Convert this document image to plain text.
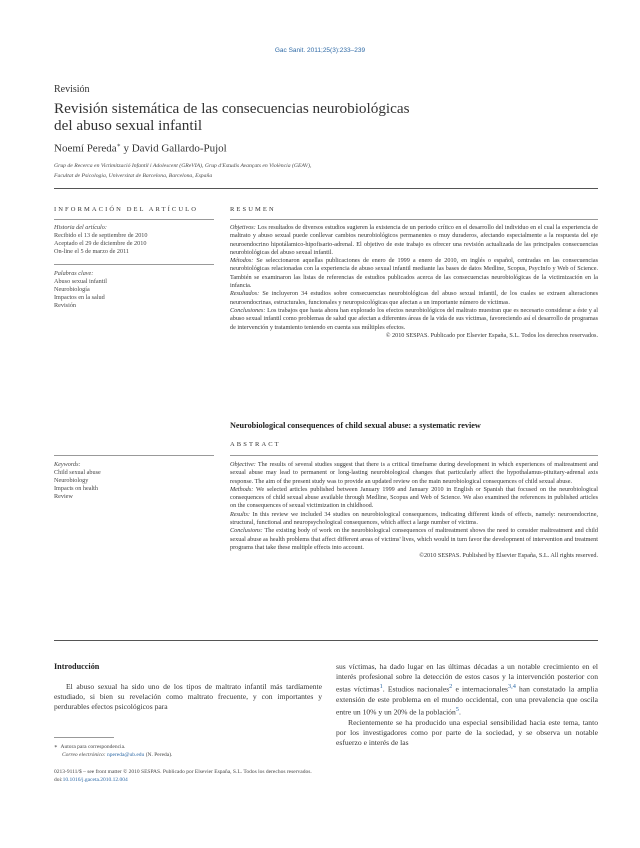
Gac Sanit. 2011;25(3):233–239
Revisión
Revisión sistemática de las consecuencias neurobiológicas
del abuso sexual infantil
Noemí Pereda∗ y David Gallardo-Pujol
Grup de Recerca en Victimització Infantil i Adolescent (GReVIA), Grup d'Estudis Avançats en Violència (GEAV),
Facultat de Psicologia, Universitat de Barcelona, Barcelona, España
INFORMACIÓN DEL ARTÍCULO

Historia del artículo:

Recibido el 13 de septiembre de 2010

Aceptado el 29 de diciembre de 2010

On-line el 5 de marzo de 2011

Palabras clave:

Abuso sexual infantil

Neurobiología

Impactos en la salud

Revisión

RESUMEN

Objetivos: Los resultados de diversos estudios sugieren la existencia de un periodo crítico en el desarrollo del individuo en el cual la experiencia de maltrato y abuso sexual puede conllevar cambios neurobiológicos permanentes o muy duraderos, afectando especialmente a la respuesta del eje neuroendocrino hipotálamico-hipofisario-adrenal. El objetivo de este trabajo es ofrecer una revisión actualizada de las principales consecuencias neurobiológicas del abuso sexual infantil.

Métodos: Se seleccionaron aquellas publicaciones de enero de 1999 a enero de 2010, en inglés o español, centradas en las consecuencias neurobiológicas relacionadas con la experiencia de abuso sexual infantil mediante las bases de datos Medline, Scopus, PsycInfo y Web of Science. También se examinaron las listas de referencias de estudios publicados acerca de las consecuencias neurobiológicas de la victimización en la infancia.

Resultados: Se incluyeron 34 estudios sobre consecuencias neurobiológicas del abuso sexual infantil, de los cuales se extraen alteraciones neuroendocrinas, estructurales, funcionales y neuropsicológicas que afectan a un importante número de víctimas.

Conclusiones: Los trabajos que hasta ahora han explorado los efectos neurobiológicos del maltrato muestran que es necesario considerar a éste y al abuso sexual infantil como problemas de salud que afectan a diferentes áreas de la vida de sus víctimas, favoreciendo así el desarrollo de programas de intervención y tratamiento teniendo en cuenta sus múltiples efectos.

© 2010 SESPAS. Publicado por Elsevier España, S.L. Todos los derechos reservados.

Neurobiological consequences of child sexual abuse: a systematic review
ABSTRACT

Keywords:

Child sexual abuse

Neurobiology

Impacts on health

Review

Objective: The results of several studies suggest that there is a critical timeframe during development in which experiences of maltreatment and sexual abuse may lead to permanent or long-lasting neurobiological changes that particularly affect the hypothalamus-pituitary-adrenal axis response. The aim of the present study was to provide an updated review on the main neurobiological consequences of child sexual abuse.

Methods: We selected articles published between January 1999 and January 2010 in English or Spanish that focused on the neurobiological consequences of child sexual abuse available through Medline, Scopus and Web of Science. We also examined the references in published articles on the consequences of sexual victimization in childhood.

Results: In this review we included 34 studies on neurobiological consequences, indicating different kinds of effects, namely: neuroendocrine, structural, functional and neuropsychological consequences, which affect a large number of victims.

Conclusions: The existing body of work on the neurobiological consequences of maltreatment shows the need to consider maltreatment and child sexual abuse as health problems that affect different areas of victims' lives, which would in turn favor the development of intervention and treatment programs that take these multiple effects into account.

©2010 SESPAS. Published by Elsevier España, S.L. All rights reserved.

Introducción

El abuso sexual ha sido uno de los tipos de maltrato infantil más tardíamente estudiado, si bien su revelación como maltrato frecuente, y con importantes y perdurables efectos psicológicos para

sus víctimas, ha dado lugar en las últimas décadas a un notable crecimiento en el interés profesional sobre la detección de estos casos y la intervención posterior con estas víctimas$^1$. Estudios nacionales$^2$ e internacionales$^{3,4}$ han constatado la amplia extensión de este problema en el mundo occidental, con una prevalencia que oscila entre un 10% y un 20% de la población$^5$.

Recientemente se ha producido una especial sensibilidad hacia este tema, tanto por los investigadores como por parte de la sociedad, y se observa un notable esfuerzo e interés de las

∗ Autora para correspondencia.

Correo electrónico: npereda@ub.edu (N. Pereda).

0213-9111/$ – see front matter © 2010 SESPAS. Publicado por Elsevier España, S.L. Todos los derechos reservados.

doi:10.1016/j.gaceta.2010.12.004
